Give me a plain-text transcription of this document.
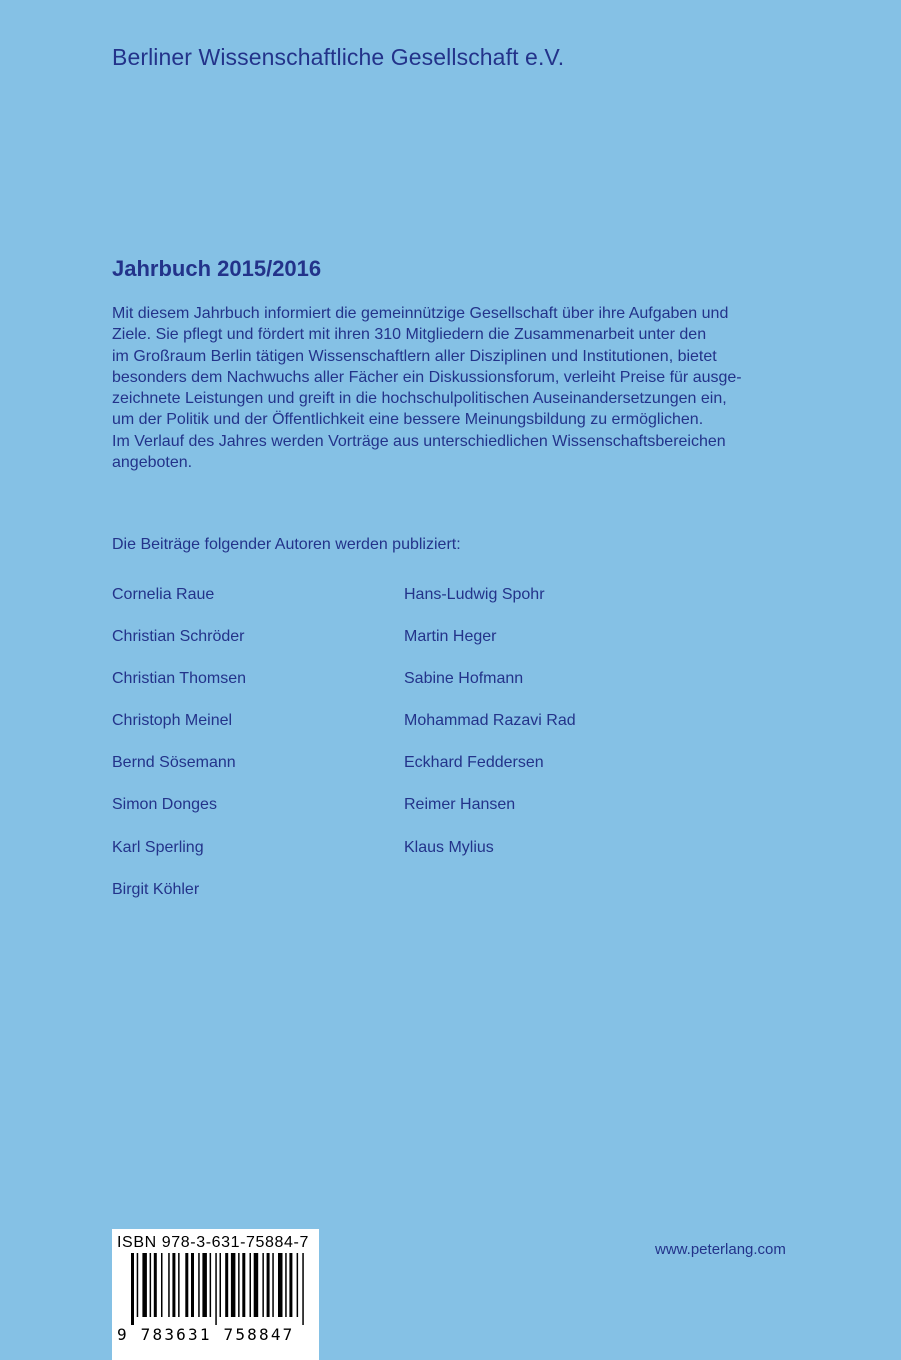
Berliner Wissenschaftliche Gesellschaft e.V.
Jahrbuch 2015/2016
Mit diesem Jahrbuch informiert die gemeinnützige Gesellschaft über ihre Aufgaben und
Ziele. Sie pflegt und fördert mit ihren 310 Mitgliedern die Zusammenarbeit unter den
im Großraum Berlin tätigen Wissenschaftlern aller Disziplinen und Institutionen, bietet
besonders dem Nachwuchs aller Fächer ein Diskussionsforum, verleiht Preise für ausge-
zeichnete Leistungen und greift in die hochschulpolitischen Auseinandersetzungen ein,
um der Politik und der Öffentlichkeit eine bessere Meinungsbildung zu ermöglichen.
Im Verlauf des Jahres werden Vorträge aus unterschiedlichen Wissenschaftsbereichen
angeboten.
Die Beiträge folgender Autoren werden publiziert:
Cornelia Raue
Christian Schröder
Christian Thomsen
Christoph Meinel
Bernd Sösemann
Simon Donges
Karl Sperling
Birgit Köhler
Hans-Ludwig Spohr
Martin Heger
Sabine Hofmann
Mohammad Razavi Rad
Eckhard Feddersen
Reimer Hansen
Klaus Mylius
ISBN 978-3-631-75884-7
9 783631 758847
www.peterlang.com
